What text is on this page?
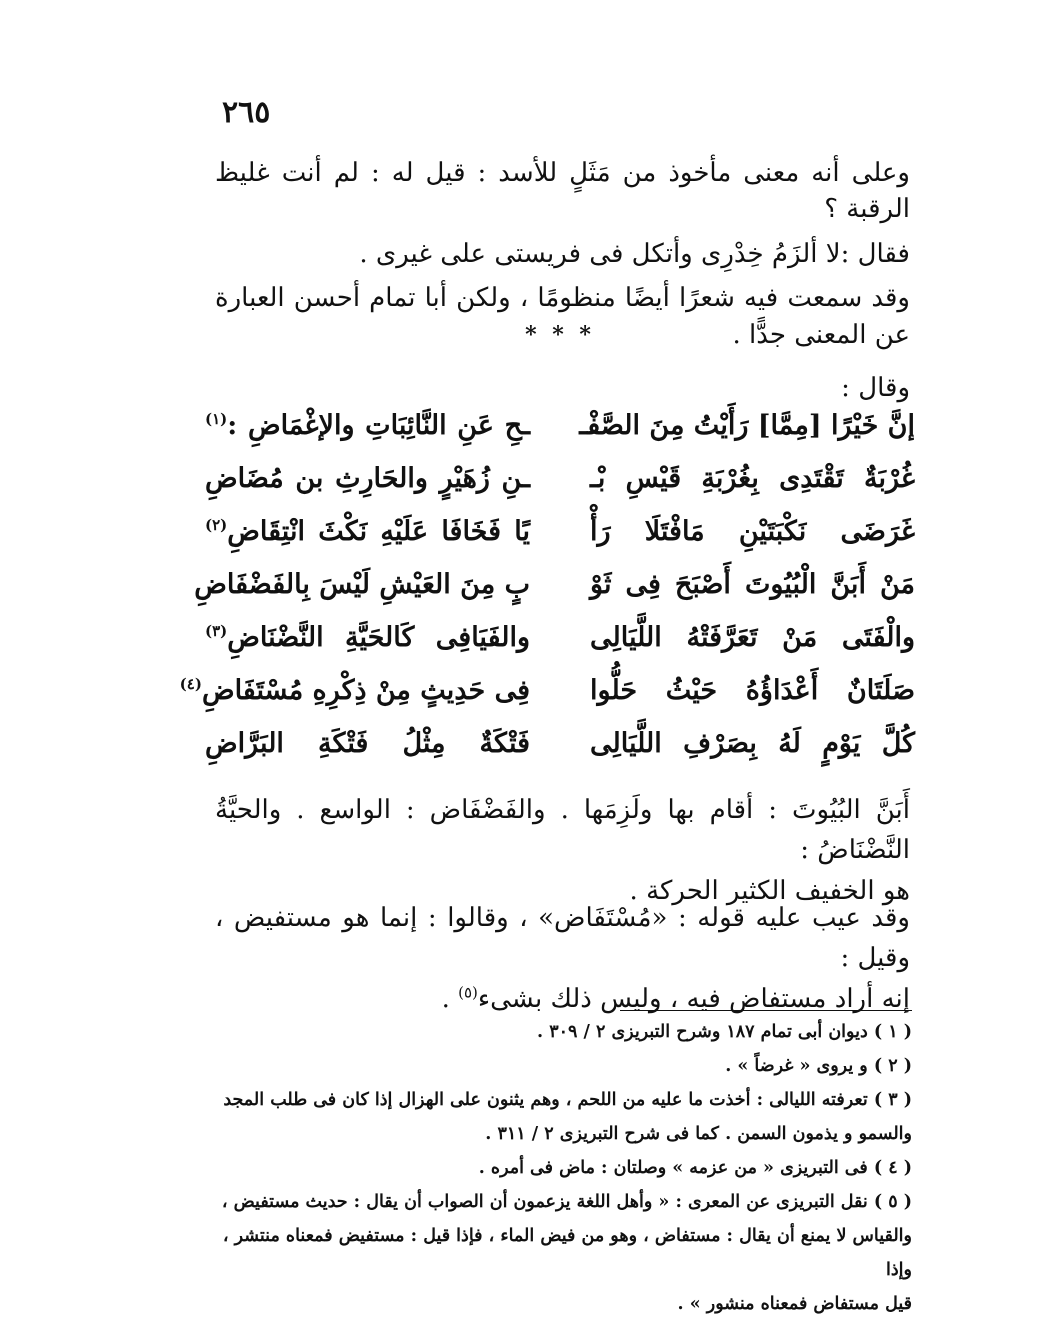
٢٦٥
وعلى أنه معنى مأخوذ من مَثَلٍ للأسد : قيل له : لم أنت غليظ الرقبة ؟
فقال :لا ألزَمُ خِدْرِى وأتكل فى فريستى على غيرى .
وقد سمعت فيه شعرًا أيضًا منظومًا ، ولكن أبا تمام أحسن العبارة عن المعنى جدًّا .
* * *
وقال :
إنَّ خَيْرًا [مِمَّا] رَأَيْتُ مِنَ الصَّفْـ
ـحِ عَنِ النَّائِبَاتِ والإغْمَاضِ :$^{(١)}$
غُرْبَةٌ تَقْتَدِى بِغُرْبَةِ قَيْسِ بْـ
ـنِ زُهَيْرٍ والحَارِثِ بن مُضَاضِ
غَرَضَى نَكْبَتَيْنِ مَافْتَلَا رَأْ
يًا فَخَافَا عَلَيْهِ نَكْثَ انْتِقَاضِ$^{(٢)}$
مَنْ أَبَنَّ الْبُيُوتَ أَصْبَحَ فِى ثَوْ
بٍ مِنَ العَيْشِ لَيْسَ بِالفَضْفَاضِ
والْفَتَى مَنْ تَعَرَّفَتْهُ اللَّيَالِى
والفَيَافِى كَالحَيَّةِ النَّضْنَاضِ$^{(٣)}$
صَلَتَانٌ أَعْدَاؤُهُ حَيْثُ حَلُّوا
فِى حَدِيثٍ مِنْ ذِكْرِهِ مُسْتَفَاضِ$^{(٤)}$
كُلَّ يَوْمٍ لَهُ بِصَرْفِ اللَّيَالِى
فَتْكَةٌ مِثْلُ فَتْكَةِ البَرَّاضِ
أَبَنَّ البُيُوتَ : أقام بها ولَزِمَها . والفَضْفَاض : الواسع . والحيَّةُ النَّضْنَاضُ :
هو الخفيف الكثير الحركة .
وقد عيب عليه قوله : «مُسْتَفَاض» ، وقالوا : إنما هو مستفيض ، وقيل :
إنه أراد مستفاض فيه ، وليس ذلك بشىء$^{(٥)}$ .

( ١ ) ديوان أبى تمام ١٨٧ وشرح التبريزى ٢ / ٣٠٩ .

( ٢ ) و يروى « غرضاً » .

( ٣ ) تعرفته الليالى : أخذت ما عليه من اللحم ، وهم يثنون على الهزال إذا كان فى طلب المجد

والسمو و يذمون السمن . كما فى شرح التبريزى ٢ / ٣١١ .

( ٤ ) فى التبريزى « من عزمه » وصلتان : ماض فى أمره .

( ٥ ) نقل التبريزى عن المعرى : « وأهل اللغة يزعمون أن الصواب أن يقال : حديث مستفيض ،

والقياس لا يمنع أن يقال : مستفاض ، وهو من فيض الماء ، فإذا قيل : مستفيض فمعناه منتشر ، وإذا

قيل مستفاض فمعناه منشور » .
